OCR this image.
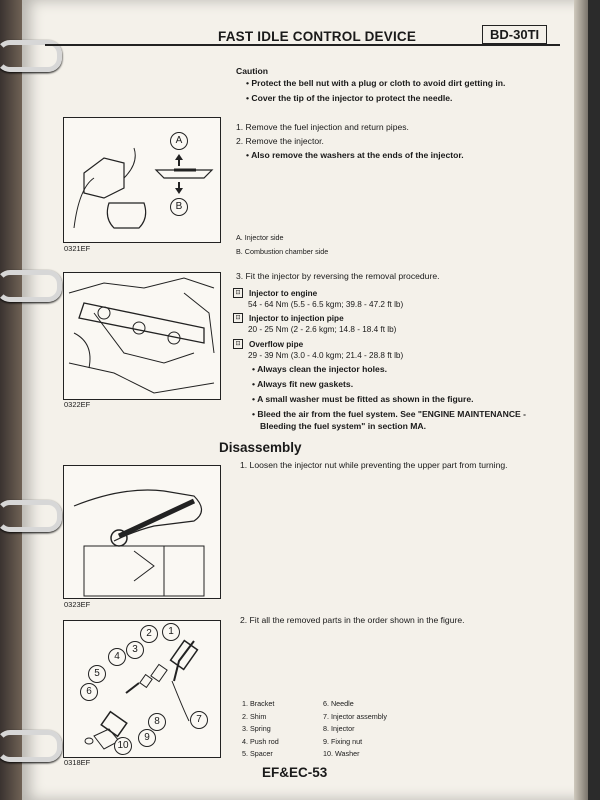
FAST IDLE CONTROL DEVICE	BD-30TI
Caution
• Protect the bell nut with a plug or cloth to avoid dirt getting in.
• Cover the tip of the injector to protect the needle.
1. Remove the fuel injection and return pipes.
2. Remove the injector.
• Also remove the washers at the ends of the injector.
A
B
0321EF
A. Injector side
B. Combustion chamber side
3. Fit the injector by reversing the removal procedure.
⊡ Injector to engine
54 - 64 Nm (5.5 - 6.5 kgm; 39.8 - 47.2 ft lb)
⊡ Injector to injection pipe
20 - 25 Nm (2 - 2.6 kgm; 14.8 - 18.4 ft lb)
⊡ Overflow pipe
29 - 39 Nm (3.0 - 4.0 kgm; 21.4 - 28.8 ft lb)
• Always clean the injector holes.
• Always fit new gaskets.
• A small washer must be fitted as shown in the figure.
• Bleed the air from the fuel system. See "ENGINE MAINTENANCE - Bleeding the fuel system" in section MA.
0322EF
Disassembly
1. Loosen the injector nut while preventing the upper part from turning.
0323EF
2. Fit all the removed parts in the order shown in the figure.
1
2
3
4
5
6
7
8
9
10
0318EF
1. Bracket
2. Shim
3. Spring
4. Push rod
5. Spacer
6. Needle
7. Injector assembly
8. Injector
9. Fixing nut
10. Washer
EF&EC-53
